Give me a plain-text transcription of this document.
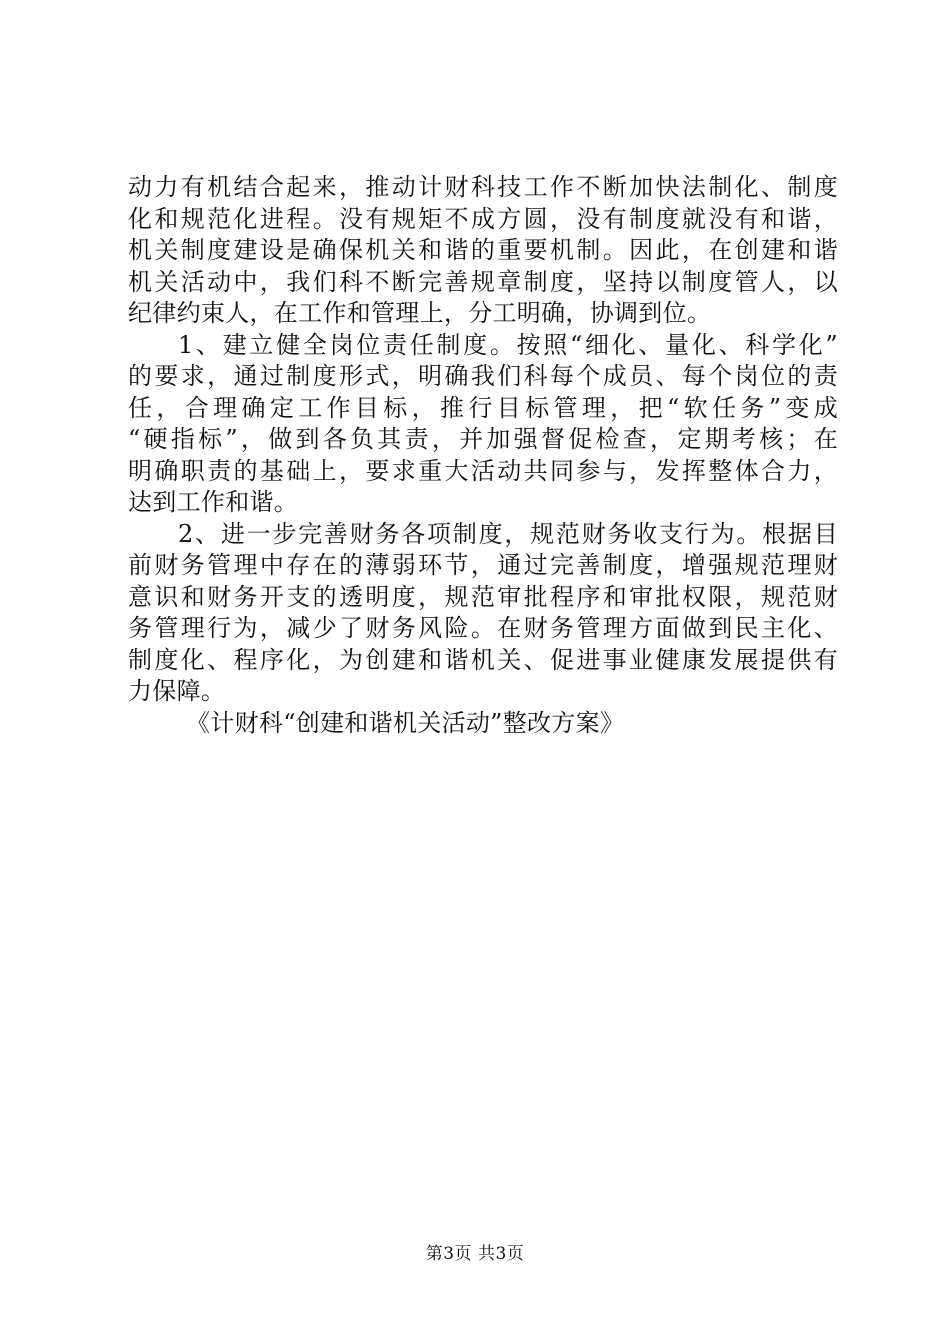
动力有机结合起来，推动计财科技工作不断加快法制化、制度
化和规范化进程。没有规矩不成方圆，没有制度就没有和谐，
机关制度建设是确保机关和谐的重要机制。因此，在创建和谐
机关活动中，我们科不断完善规章制度，坚持以制度管人，以
纪律约束人，在工作和管理上，分工明确，协调到位。
1、建立健全岗位责任制度。按照“细化、量化、科学化”
的要求，通过制度形式，明确我们科每个成员、每个岗位的责
任，合理确定工作目标，推行目标管理，把“软任务”变成
“硬指标”，做到各负其责，并加强督促检查，定期考核；在
明确职责的基础上，要求重大活动共同参与，发挥整体合力，
达到工作和谐。
2、进一步完善财务各项制度，规范财务收支行为。根据目
前财务管理中存在的薄弱环节，通过完善制度，增强规范理财
意识和财务开支的透明度，规范审批程序和审批权限，规范财
务管理行为，减少了财务风险。在财务管理方面做到民主化、
制度化、程序化，为创建和谐机关、促进事业健康发展提供有
力保障。
《计财科“创建和谐机关活动”整改方案》
第3页 共3页
